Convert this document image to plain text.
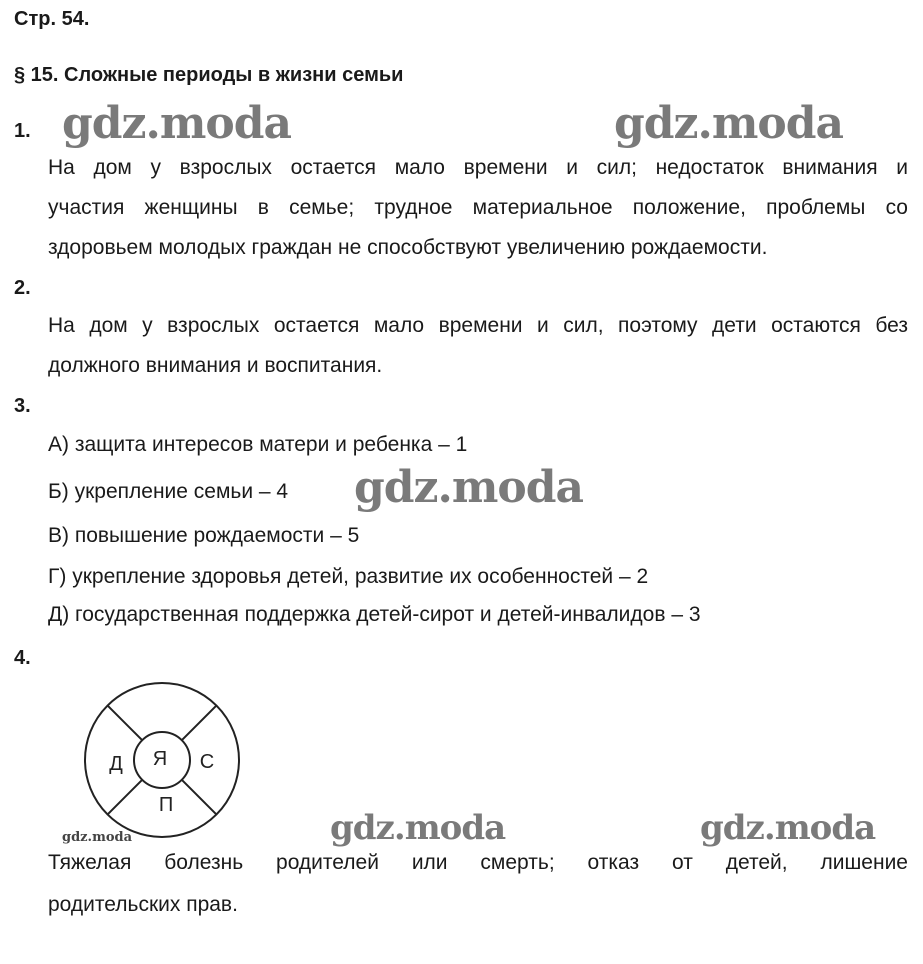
Стр. 54.
§ 15. Сложные периоды в жизни семьи
gdz.moda	gdz.moda
gdz.moda
gdz.moda	gdz.moda
gdz.moda
1.
На дом у взрослых остается мало времени и сил; недостаток внимания и
участия женщины в семье; трудное материальное положение, проблемы со
здоровьем молодых граждан не способствуют увеличению рождаемости.
2.
На дом у взрослых остается мало времени и сил, поэтому дети остаются без
должного внимания и воспитания.
3.
А) защита интересов матери и ребенка – 1
Б) укрепление семьи – 4
В) повышение рождаемости – 5
Г) укрепление здоровья детей, развитие их особенностей – 2
Д) государственная поддержка детей-сирот и детей-инвалидов – 3
4.
Я
Д	С
П
Тяжелая болезнь родителей или смерть; отказ от детей, лишение
родительских прав.
